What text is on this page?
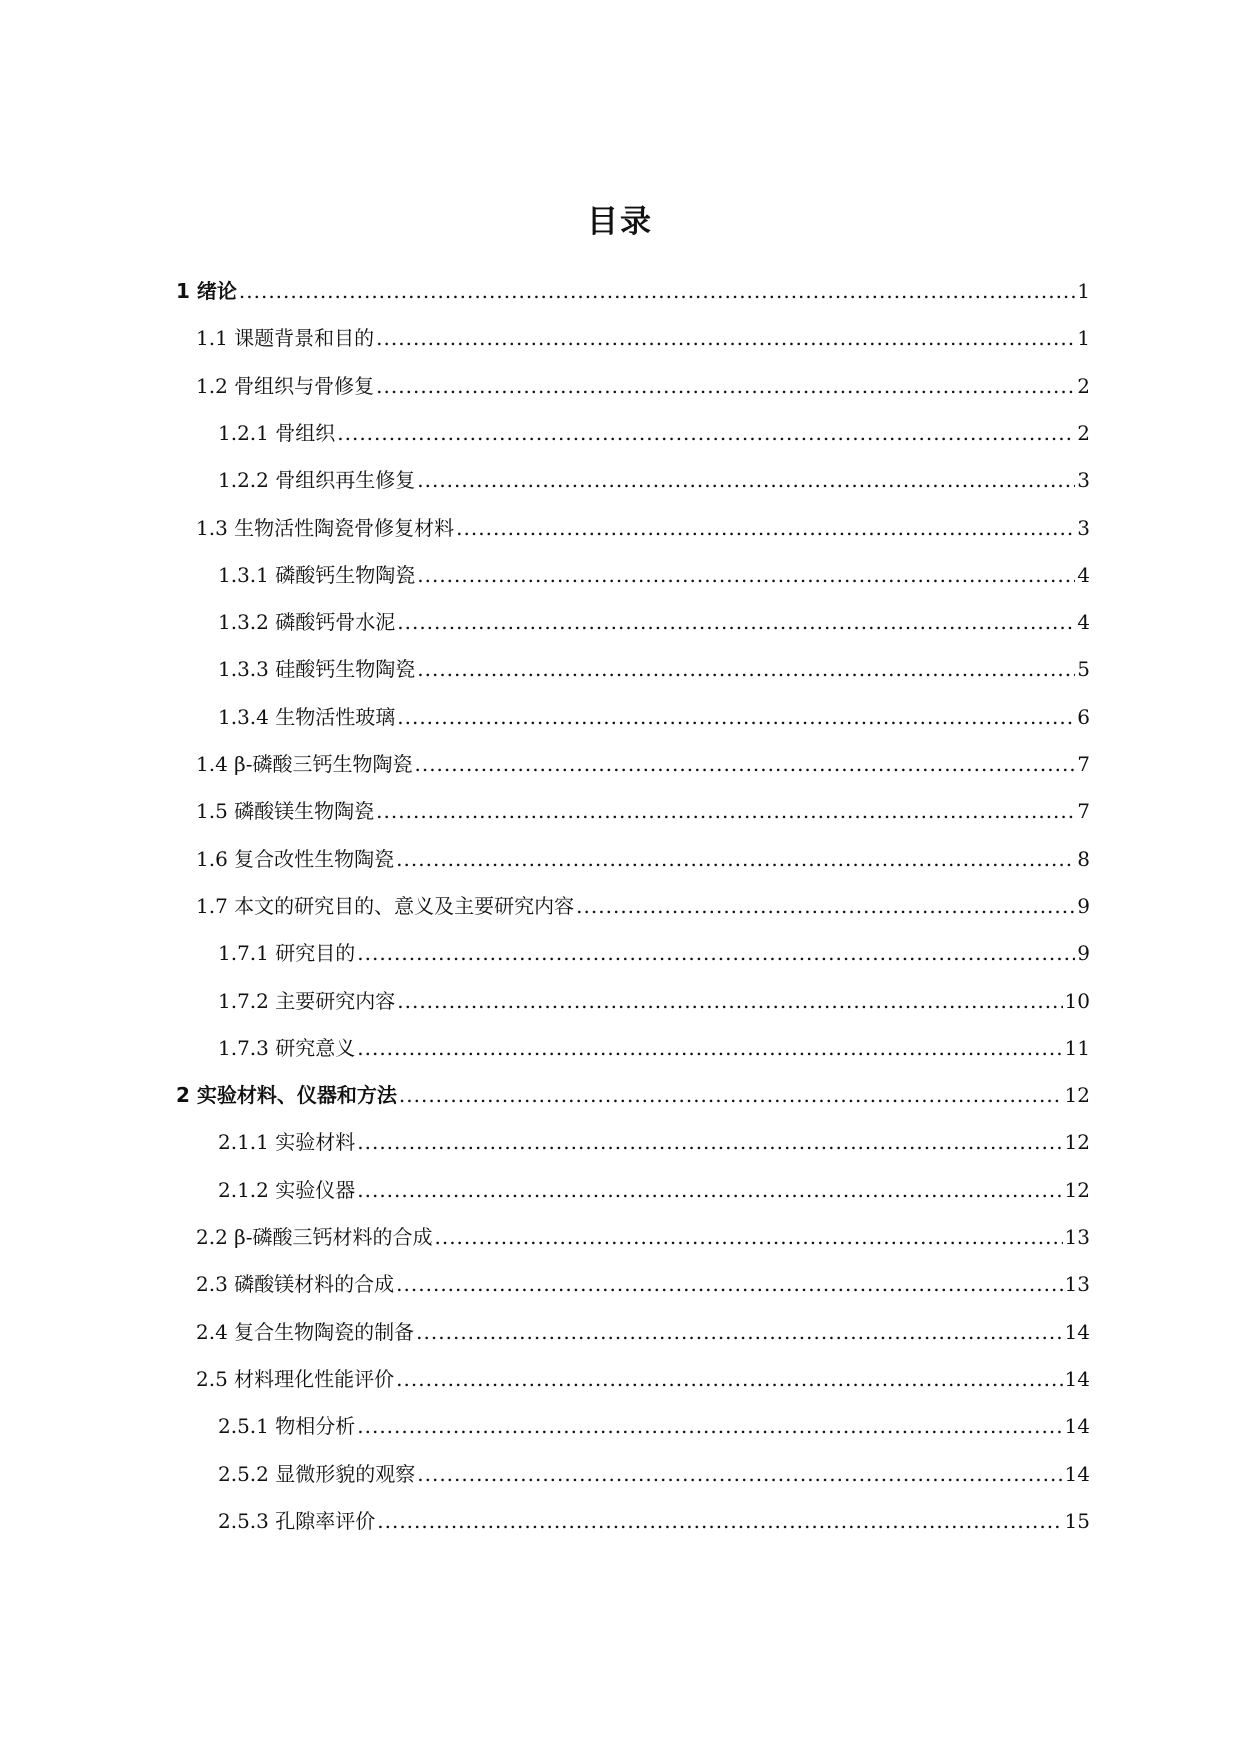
目录
1 绪论 .....	1
1.1 课题背景和目的 .....	1
1.2 骨组织与骨修复 .....	2
1.2.1 骨组织 .....	2
1.2.2 骨组织再生修复 .....	3
1.3 生物活性陶瓷骨修复材料 .....	3
1.3.1 磷酸钙生物陶瓷 .....	4
1.3.2 磷酸钙骨水泥 .....	4
1.3.3 硅酸钙生物陶瓷 .....	5
1.3.4 生物活性玻璃 .....	6
1.4 β-磷酸三钙生物陶瓷 .....	7
1.5 磷酸镁生物陶瓷 .....	7
1.6 复合改性生物陶瓷 .....	8
1.7 本文的研究目的、意义及主要研究内容 .....	9
1.7.1 研究目的 .....	9
1.7.2 主要研究内容 .....	10
1.7.3 研究意义 .....	11
2 实验材料、仪器和方法 .....	12
2.1.1 实验材料 .....	12
2.1.2 实验仪器 .....	12
2.2 β-磷酸三钙材料的合成 .....	13
2.3 磷酸镁材料的合成 .....	13
2.4 复合生物陶瓷的制备 .....	14
2.5 材料理化性能评价 .....	14
2.5.1 物相分析 .....	14
2.5.2 显微形貌的观察 .....	14
2.5.3 孔隙率评价 .....	15
